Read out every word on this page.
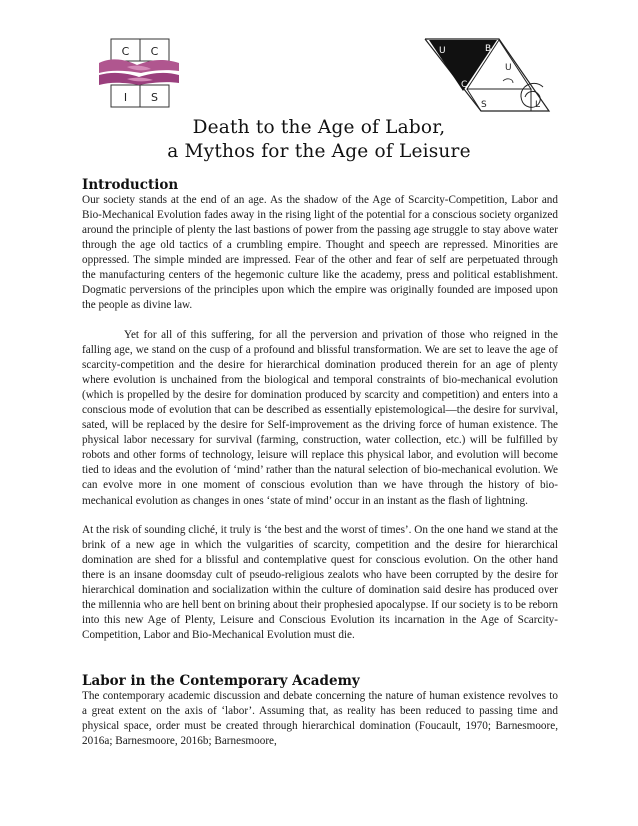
C C
I S
U	B
U
C
S	L
Death to the Age of Labor,
a Mythos for the Age of Leisure
Introduction

Our society stands at the end of an age. As the shadow of the Age of Scarcity-Competition, Labor and Bio-Mechanical Evolution fades away in the rising light of the potential for a conscious society organized around the principle of plenty the last bastions of power from the passing age struggle to stay above water through the age old tactics of a crumbling empire. Thought and speech are repressed. Minorities are oppressed. The simple minded are impressed. Fear of the other and fear of self are perpetuated through the manufacturing centers of the hegemonic culture like the academy, press and political establishment. Dogmatic perversions of the principles upon which the empire was originally founded are imposed upon the people as divine law.

Yet for all of this suffering, for all the perversion and privation of those who reigned in the falling age, we stand on the cusp of a profound and blissful transformation. We are set to leave the age of scarcity-competition and the desire for hierarchical domination produced therein for an age of plenty where evolution is unchained from the biological and temporal constraints of bio-mechanical evolution (which is propelled by the desire for domination produced by scarcity and competition) and enters into a conscious mode of evolution that can be described as essentially epistemological—the desire for survival, sated, will be replaced by the desire for Self-improvement as the driving force of human existence. The physical labor necessary for survival (farming, construction, water collection, etc.) will be fulfilled by robots and other forms of technology, leisure will replace this physical labor, and evolution will become tied to ideas and the evolution of ‘mind’ rather than the natural selection of bio-mechanical evolution. We can evolve more in one moment of conscious evolution than we have through the history of bio-mechanical evolution as changes in ones ‘state of mind’ occur in an instant as the flash of lightning.

At the risk of sounding cliché, it truly is ‘the best and the worst of times’. On the one hand we stand at the brink of a new age in which the vulgarities of scarcity, competition and the desire for hierarchical domination are shed for a blissful and contemplative quest for conscious evolution. On the other hand there is an insane doomsday cult of pseudo-religious zealots who have been corrupted by the desire for hierarchical domination and socialization within the culture of domination said desire has produced over the millennia who are hell bent on brining about their prophesied apocalypse. If our society is to be reborn into this new Age of Plenty, Leisure and Conscious Evolution its incarnation in the Age of Scarcity-Competition, Labor and Bio-Mechanical Evolution must die.

Labor in the Contemporary Academy

The contemporary academic discussion and debate concerning the nature of human existence revolves to a great extent on the axis of ‘labor’. Assuming that, as reality has been reduced to passing time and physical space, order must be created through hierarchical domination (Foucault, 1970; Barnesmoore, 2016a; Barnesmoore, 2016b; Barnesmoore,
